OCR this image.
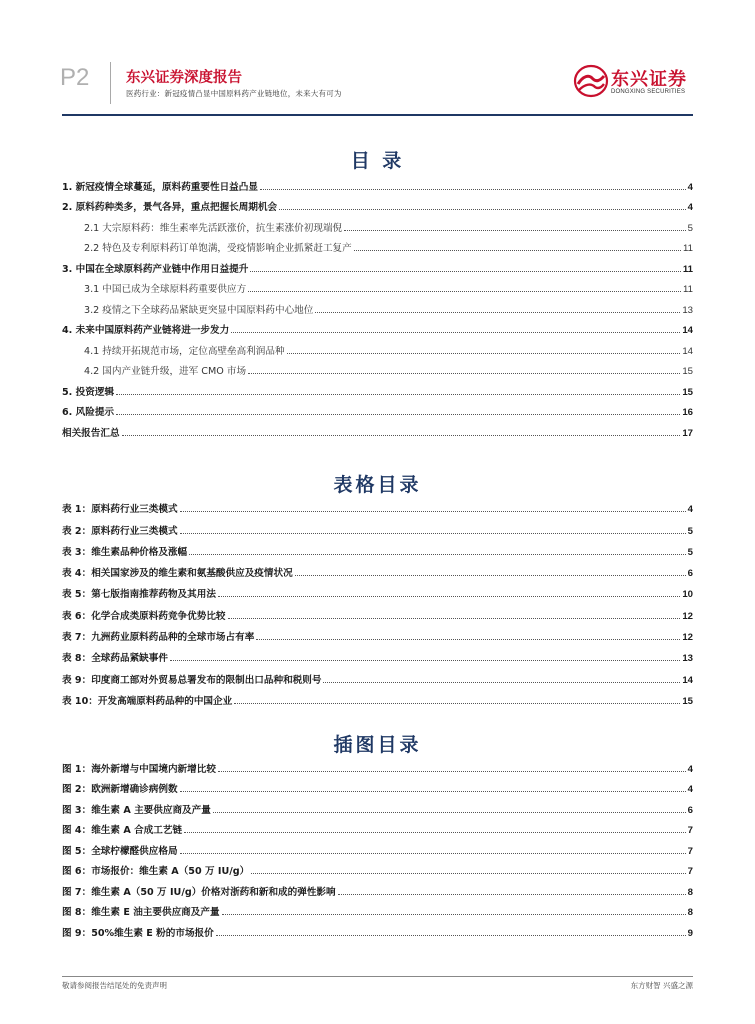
P2	东兴证券深度报告
医药行业：新冠疫情凸显中国原料药产业链地位，未来大有可为
东兴证券
DONGXING SECURITIES
目 录
1. 新冠疫情全球蔓延，原料药重要性日益凸显	4
2. 原料药种类多，景气各异，重点把握长周期机会	4
2.1 大宗原料药：维生素率先活跃涨价，抗生素涨价初现端倪	5
2.2 特色及专利原料药订单饱满，受疫情影响企业抓紧赶工复产	11
3. 中国在全球原料药产业链中作用日益提升	11
3.1 中国已成为全球原料药重要供应方	11
3.2 疫情之下全球药品紧缺更突显中国原料药中心地位	13
4. 未来中国原料药产业链将进一步发力	14
4.1 持续开拓规范市场，定位高壁垒高利润品种	14
4.2 国内产业链升级，进军 CMO 市场	15
5. 投资逻辑	15
6. 风险提示	16
相关报告汇总	17
表格目录
表 1：原料药行业三类模式	4
表 2：原料药行业三类模式	5
表 3：维生素品种价格及涨幅	5
表 4：相关国家涉及的维生素和氨基酸供应及疫情状况	6
表 5：第七版指南推荐药物及其用法	10
表 6：化学合成类原料药竞争优势比较	12
表 7：九洲药业原料药品种的全球市场占有率	12
表 8：全球药品紧缺事件	13
表 9：印度商工部对外贸易总署发布的限制出口品种和税则号	14
表 10：开发高端原料药品种的中国企业	15
插图目录
图 1：海外新增与中国境内新增比较	4
图 2：欧洲新增确诊病例数	4
图 3：维生素 A 主要供应商及产量	6
图 4：维生素 A 合成工艺链	7
图 5：全球柠檬醛供应格局	7
图 6：市场报价：维生素 A（50 万 IU/g）	7
图 7：维生素 A（50 万 IU/g）价格对浙药和新和成的弹性影响	8
图 8：维生素 E 油主要供应商及产量	8
图 9：50%维生素 E 粉的市场报价	9
敬请参阅报告结尾处的免责声明	东方财智 兴盛之源
